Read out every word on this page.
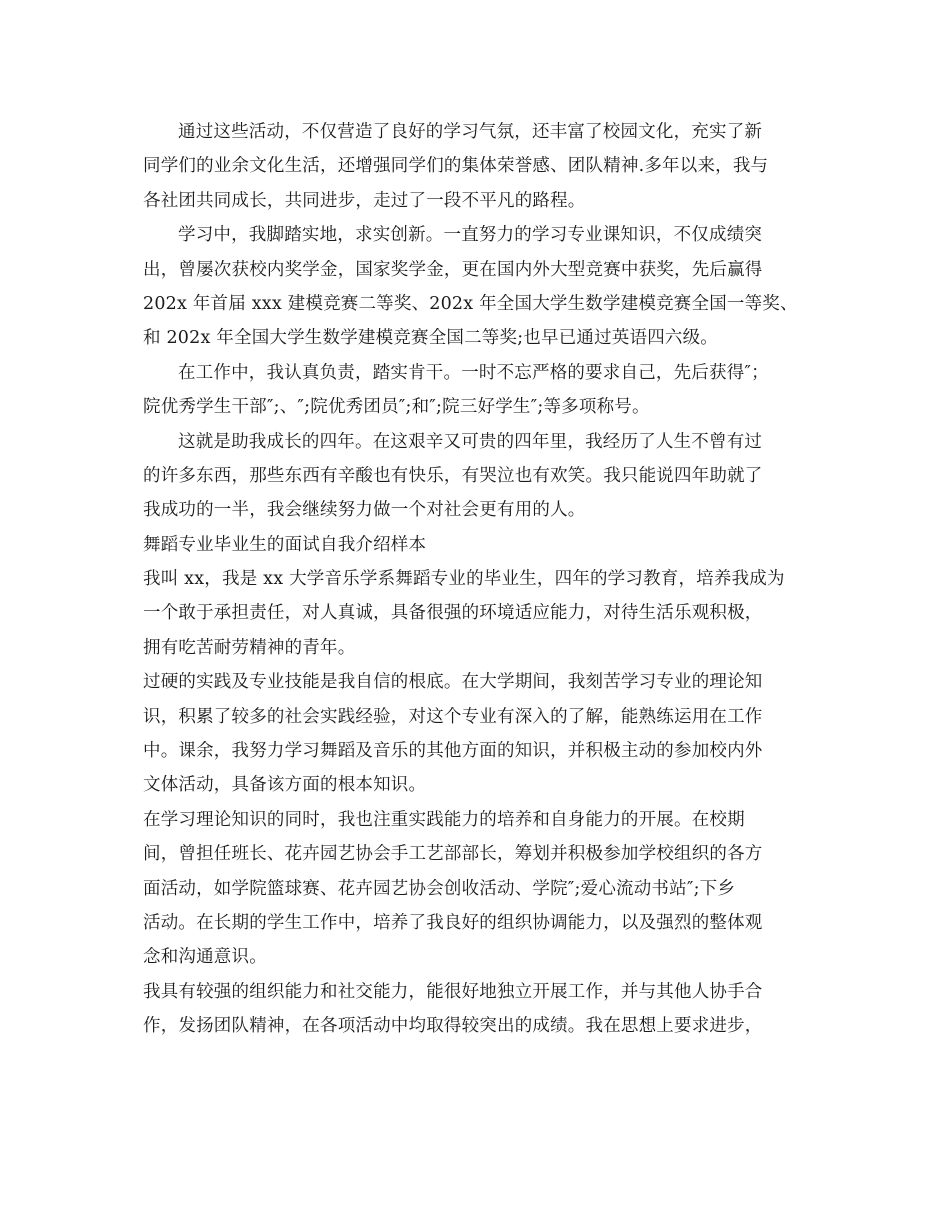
通过这些活动，不仅营造了良好的学习气氛，还丰富了校园文化，充实了新
同学们的业余文化生活，还增强同学们的集体荣誉感、团队精神.多年以来，我与
各社团共同成长，共同进步，走过了一段不平凡的路程。
学习中，我脚踏实地，求实创新。一直努力的学习专业课知识，不仅成绩突
出，曾屡次获校内奖学金，国家奖学金，更在国内外大型竞赛中获奖，先后赢得
202x 年首届 xxx 建模竞赛二等奖、202x 年全国大学生数学建模竞赛全国一等奖、
和 202x 年全国大学生数学建模竞赛全国二等奖;也早已通过英语四六级。
在工作中，我认真负责，踏实肯干。一时不忘严格的要求自己，先后获得″；
院优秀学生干部″;、″;院优秀团员″;和″;院三好学生″;等多项称号。
这就是助我成长的四年。在这艰辛又可贵的四年里，我经历了人生不曾有过
的许多东西，那些东西有辛酸也有快乐，有哭泣也有欢笑。我只能说四年助就了
我成功的一半，我会继续努力做一个对社会更有用的人。
舞蹈专业毕业生的面试自我介绍样本
我叫 xx，我是 xx 大学音乐学系舞蹈专业的毕业生，四年的学习教育，培养我成为
一个敢于承担责任，对人真诚，具备很强的环境适应能力，对待生活乐观积极，
拥有吃苦耐劳精神的青年。
过硬的实践及专业技能是我自信的根底。在大学期间，我刻苦学习专业的理论知
识，积累了较多的社会实践经验，对这个专业有深入的了解，能熟练运用在工作
中。课余，我努力学习舞蹈及音乐的其他方面的知识，并积极主动的参加校内外
文体活动，具备该方面的根本知识。
在学习理论知识的同时，我也注重实践能力的培养和自身能力的开展。在校期
间，曾担任班长、花卉园艺协会手工艺部部长，筹划并积极参加学校组织的各方
面活动，如学院篮球赛、花卉园艺协会创收活动、学院″;爱心流动书站″;下乡
活动。在长期的学生工作中，培养了我良好的组织协调能力，以及强烈的整体观
念和沟通意识。
我具有较强的组织能力和社交能力，能很好地独立开展工作，并与其他人协手合
作，发扬团队精神，在各项活动中均取得较突出的成绩。我在思想上要求进步，
